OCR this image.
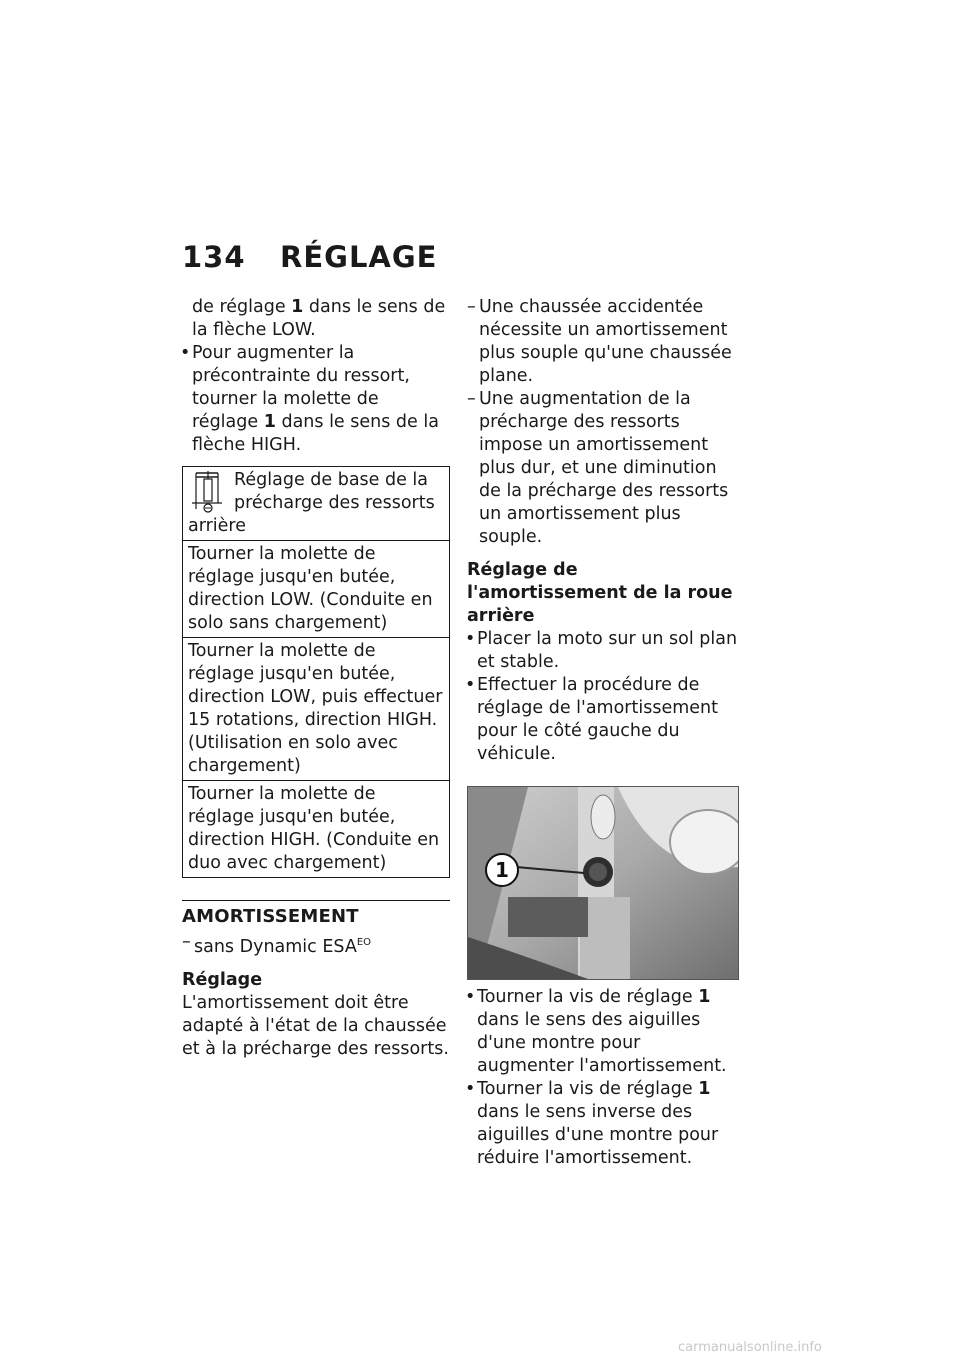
134 RÉGLAGE

de réglage 1 dans le sens de la flèche LOW.

• Pour augmenter la précontrainte du ressort, tourner la molette de réglage 1 dans le sens de la flèche HIGH.

Réglage de base de la précharge des ressorts arrière
Tourner la molette de réglage jusqu'en butée, direction LOW. (Conduite en solo sans chargement)
Tourner la molette de réglage jusqu'en butée, direction LOW, puis effectuer 15 rotations, direction HIGH. (Utilisation en solo avec chargement)
Tourner la molette de réglage jusqu'en butée, direction HIGH. (Conduite en duo avec chargement)

AMORTISSEMENT

– sans Dynamic $ESA^{EO}$

Réglage

L'amortissement doit être adapté à l'état de la chaussée et à la précharge des ressorts.

– Une chaussée accidentée nécessite un amortissement plus souple qu'une chaussée plane.

– Une augmentation de la précharge des ressorts impose un amortissement plus dur, et une diminution de la précharge des ressorts un amortissement plus souple.

Réglage de l'amortissement de la roue arrière

• Placer la moto sur un sol plan et stable.

• Effectuer la procédure de réglage de l'amortissement pour le côté gauche du véhicule.

1

• Tourner la vis de réglage 1 dans le sens des aiguilles d'une montre pour augmenter l'amortissement.

• Tourner la vis de réglage 1 dans le sens inverse des aiguilles d'une montre pour réduire l'amortissement.

carmanualsonline.info
